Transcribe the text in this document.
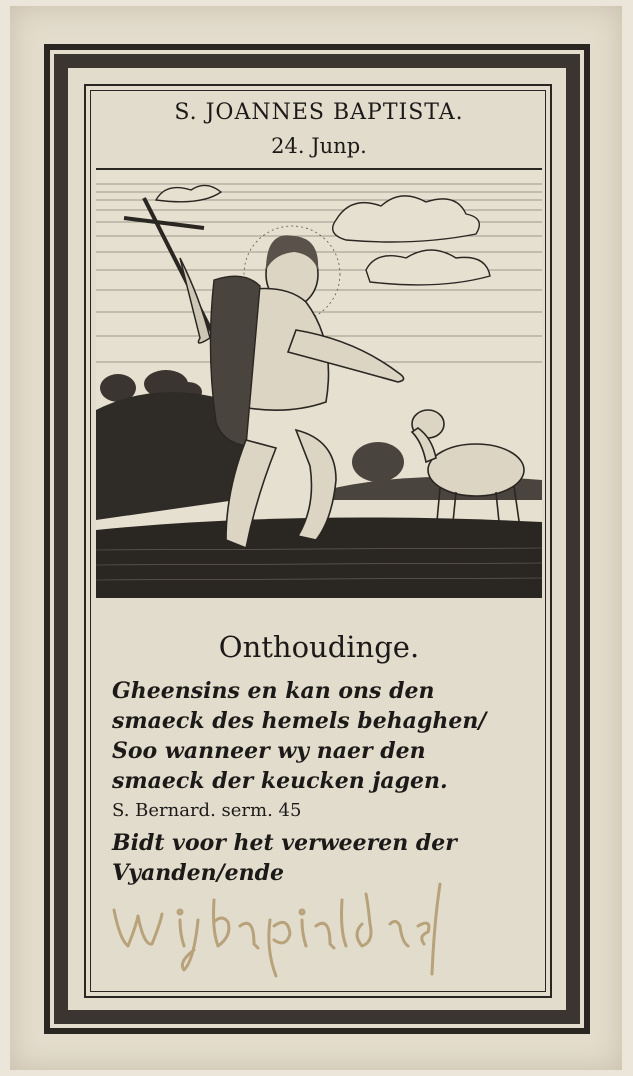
S. JOANNES BAPTISTA.
24. Junp.
Onthoudinge.
Gheensins en kan ons den
smaeck des hemels behaghen/
Soo wanneer wy naer den
smaeck der keucken jagen.
S. Bernard. serm. 45
Bidt voor het verweeren der
Vyanden/ende
